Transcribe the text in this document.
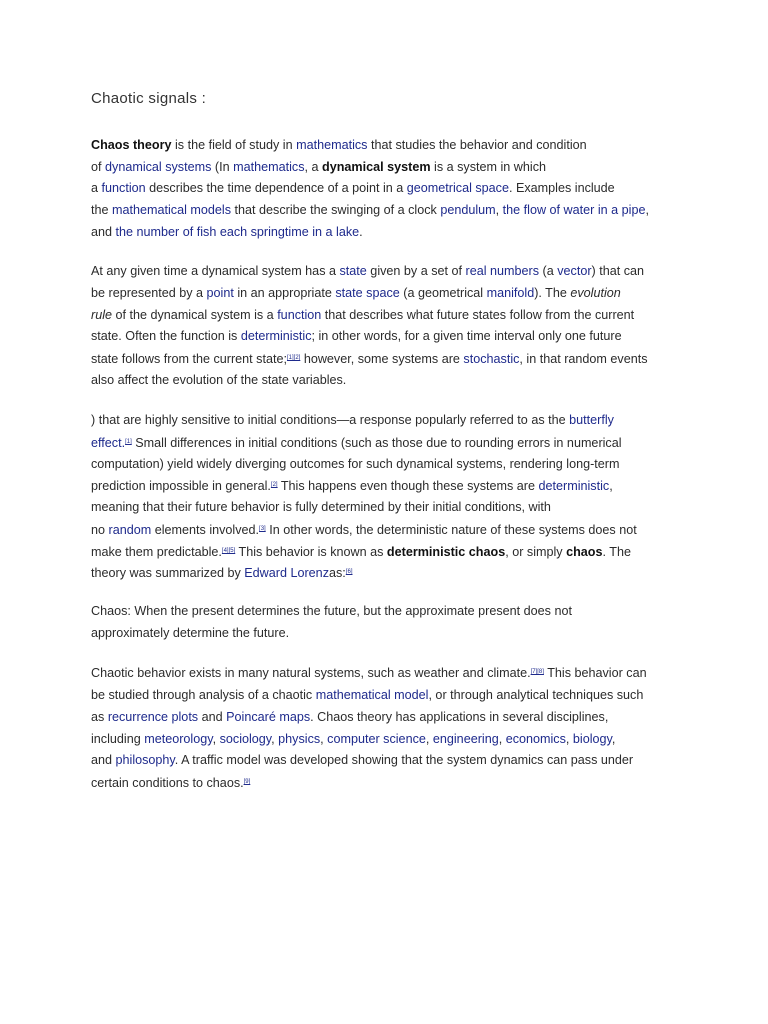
Chaotic signals :
Chaos theory is the field of study in mathematics that studies the behavior and condition
of dynamical systems (In mathematics, a dynamical system is a system in which
a function describes the time dependence of a point in a geometrical space. Examples include
the mathematical models that describe the swinging of a clock pendulum, the flow of water in a pipe,
and the number of fish each springtime in a lake.
At any given time a dynamical system has a state given by a set of real numbers (a vector) that can
be represented by a point in an appropriate state space (a geometrical manifold). The evolution
rule of the dynamical system is a function that describes what future states follow from the current
state. Often the function is deterministic; in other words, for a given time interval only one future
state follows from the current state;[1][2] however, some systems are stochastic, in that random events
also affect the evolution of the state variables.
) that are highly sensitive to initial conditions—a response popularly referred to as the butterfly
effect.[1] Small differences in initial conditions (such as those due to rounding errors in numerical
computation) yield widely diverging outcomes for such dynamical systems, rendering long-term
prediction impossible in general.[2] This happens even though these systems are deterministic,
meaning that their future behavior is fully determined by their initial conditions, with
no random elements involved.[3] In other words, the deterministic nature of these systems does not
make them predictable.[4][5] This behavior is known as deterministic chaos, or simply chaos. The
theory was summarized by Edward Lorenzas:[6]
Chaos: When the present determines the future, but the approximate present does not
approximately determine the future.
Chaotic behavior exists in many natural systems, such as weather and climate.[7][8] This behavior can
be studied through analysis of a chaotic mathematical model, or through analytical techniques such
as recurrence plots and Poincaré maps. Chaos theory has applications in several disciplines,
including meteorology, sociology, physics, computer science, engineering, economics, biology,
and philosophy. A traffic model was developed showing that the system dynamics can pass under
certain conditions to chaos.[9]
